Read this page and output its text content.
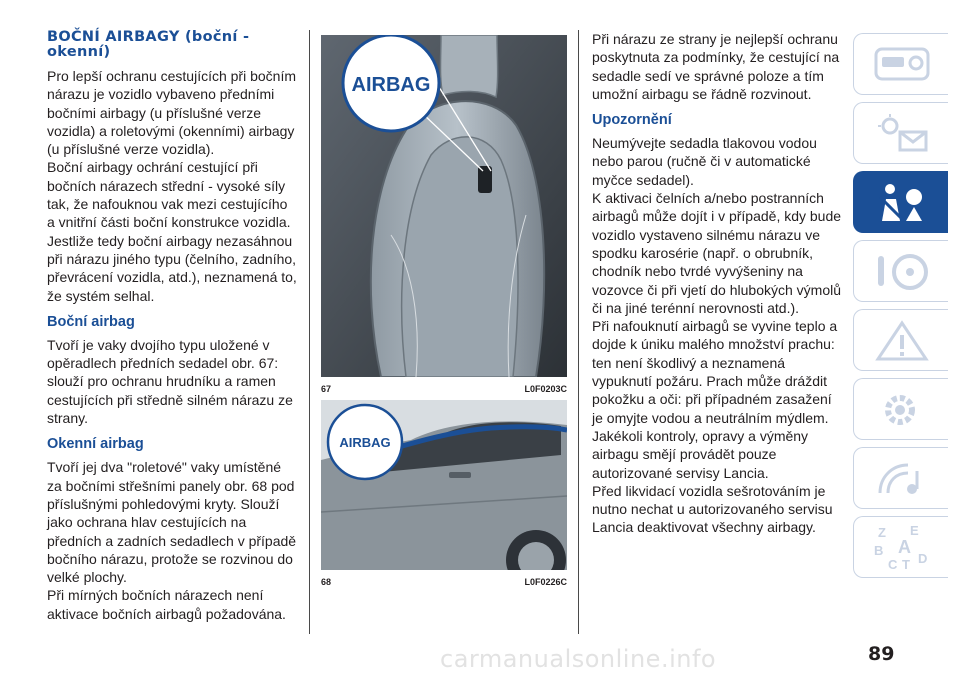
BOČNÍ AIRBAGY (boční - okenní)

Pro lepší ochranu cestujících při bočním nárazu je vozidlo vybaveno předními bočními airbagy (u příslušné verze vozidla) a roletovými (okenními) airbagy (u příslušné verze vozidla).

Boční airbagy ochrání cestující při bočních nárazech střední - vysoké síly tak, že nafouknou vak mezi cestujícího a vnitřní části boční konstrukce vozidla.

Jestliže tedy boční airbagy nezasáhnou při nárazu jiného typu (čelního, zadního, převrácení vozidla, atd.), neznamená to, že systém selhal.

Boční airbag

Tvoří je vaky dvojího typu uložené v opěradlech předních sedadel obr. 67: slouží pro ochranu hrudníku a ramen cestujících při středně silném nárazu ze strany.

Okenní airbag

Tvoří jej dva "roletové" vaky umístěné za bočními střešními panely obr. 68 pod příslušnými pohledovými kryty. Slouží jako ochrana hlav cestujících na předních a zadních sedadlech v případě bočního nárazu, protože se rozvinou do velké plochy.

Při mírných bočních nárazech není aktivace bočních airbagů požadována.

AIRBAG
67	L0F0203C
AIRBAG
68	L0F0226C

Při nárazu ze strany je nejlepší ochranu poskytnuta za podmínky, že cestující na sedadle sedí ve správné poloze a tím umožní airbagu se řádně rozvinout.

Upozornění

Neumývejte sedadla tlakovou vodou nebo parou (ručně či v automatické myčce sedadel).

K aktivaci čelních a/nebo postranních airbagů může dojít i v případě, kdy bude vozidlo vystaveno silnému nárazu ve spodku karosérie (např. o obrubník, chodník nebo tvrdé vyvýšeniny na vozovce či při vjetí do hlubokých výmolů či na jiné terénní nerovnosti atd.).

Při nafouknutí airbagů se vyvine teplo a dojde k úniku malého množství prachu: ten není škodlivý a neznamená vypuknutí požáru. Prach může dráždit pokožku a oči: při případném zasažení je omyjte vodou a neutrálním mýdlem.

Jakékoli kontroly, opravy a výměny airbagu smějí provádět pouze autorizované servisy Lancia.

Před likvidací vozidla sešrotováním je nutno nechat u autorizovaného servisu Lancia deaktivovat všechny airbagy.	Z E
B A
C T D
89
carmanualsonline.info
